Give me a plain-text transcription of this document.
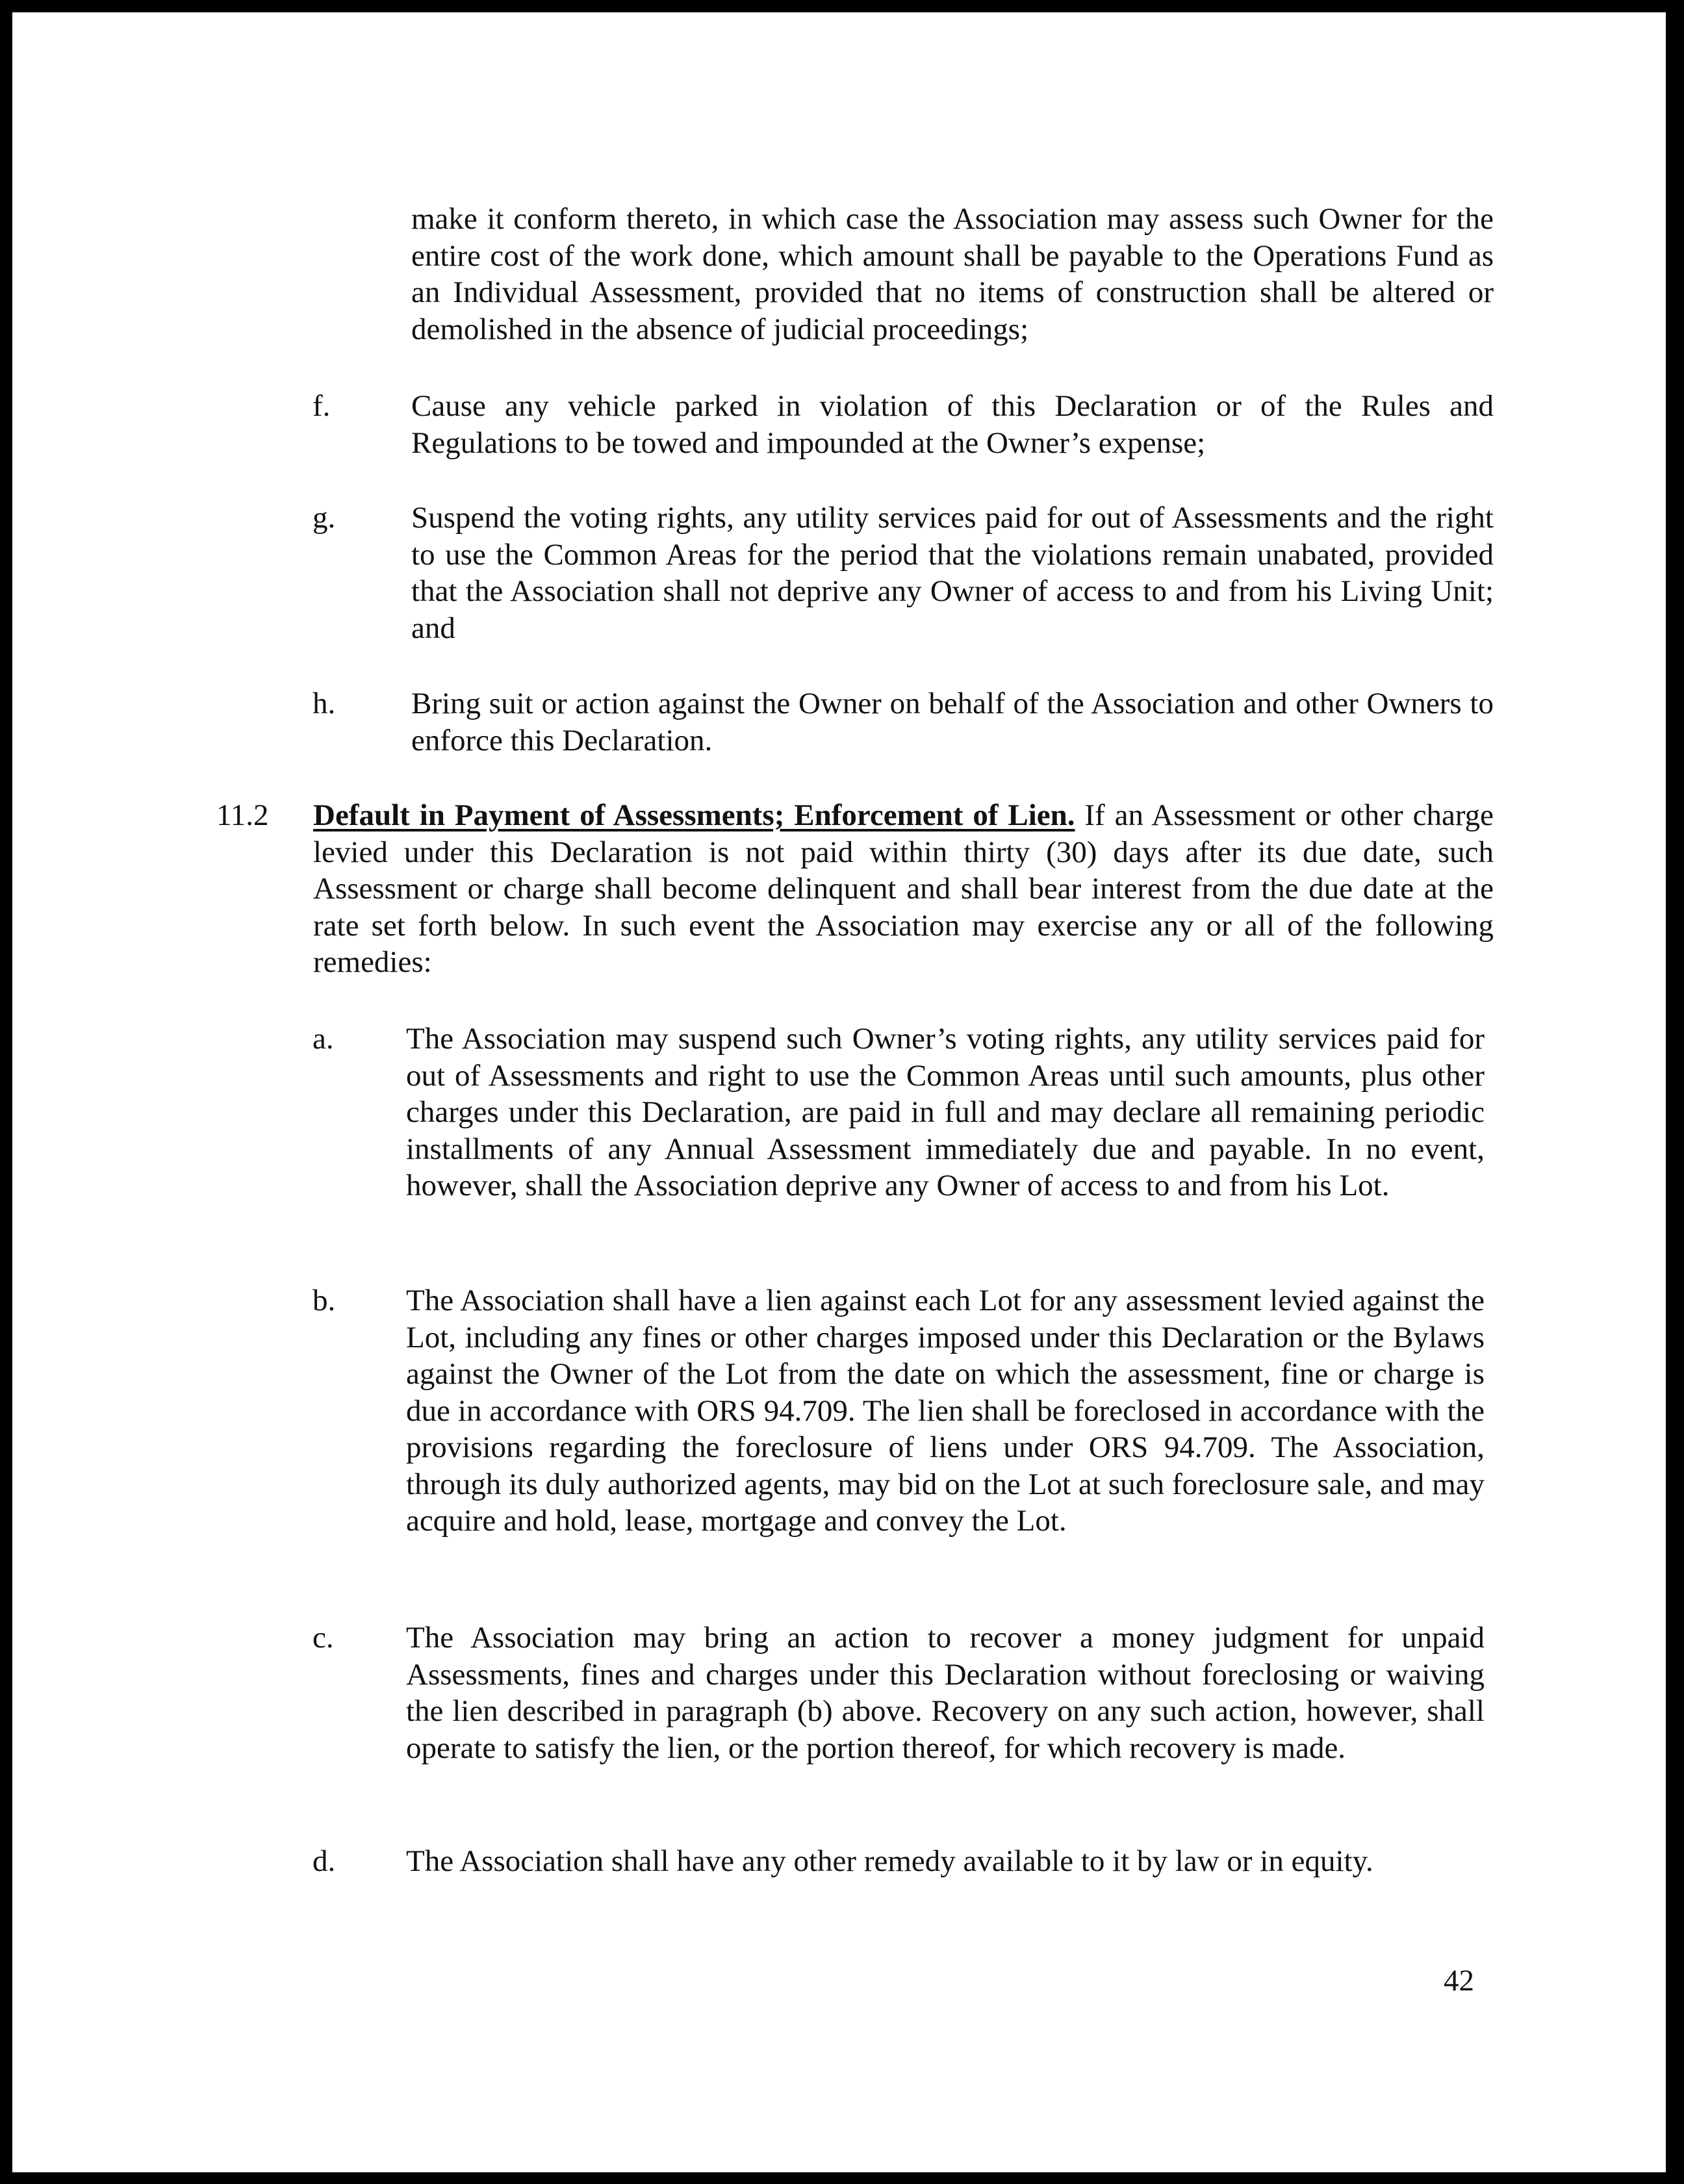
make it conform thereto, in which case the Association may assess such Owner for the entire cost of the work done, which amount shall be payable to the Operations Fund as an Individual Assessment, provided that no items of construction shall be altered or demolished in the absence of judicial proceedings;

f.	Cause any vehicle parked in violation of this Declaration or of the Rules and Regulations to be towed and impounded at the Owner’s expense;

g. Suspend the voting rights, any utility services paid for out of Assessments and the right to use the Common Areas for the period that the violations remain unabated, provided that the Association shall not deprive any Owner of access to and from his Living Unit; and

h. Bring suit or action against the Owner on behalf of the Association and other Owners to enforce this Declaration.

11.2 Default in Payment of Assessments; Enforcement of Lien. If an Assessment or other charge levied under this Declaration is not paid within thirty (30) days after its due date, such Assessment or charge shall become delinquent and shall bear interest from the due date at the rate set forth below. In such event the Association may exercise any or all of the following remedies:

a. The Association may suspend such Owner’s voting rights, any utility services paid for out of Assessments and right to use the Common Areas until such amounts, plus other charges under this Declaration, are paid in full and may declare all remaining periodic installments of any Annual Assessment immediately due and payable. In no event, however, shall the Association deprive any Owner of access to and from his Lot.

b. The Association shall have a lien against each Lot for any assessment levied against the Lot, including any fines or other charges imposed under this Declaration or the Bylaws against the Owner of the Lot from the date on which the assessment, fine or charge is due in accordance with ORS 94.709. The lien shall be foreclosed in accordance with the provisions regarding the foreclosure of liens under ORS 94.709. The Association, through its duly authorized agents, may bid on the Lot at such foreclosure sale, and may acquire and hold, lease, mortgage and convey the Lot.

c. The Association may bring an action to recover a money judgment for unpaid Assessments, fines and charges under this Declaration without foreclosing or waiving the lien described in paragraph (b) above. Recovery on any such action, however, shall operate to satisfy the lien, or the portion thereof, for which recovery is made.

d. The Association shall have any other remedy available to it by law or in equity.

42
